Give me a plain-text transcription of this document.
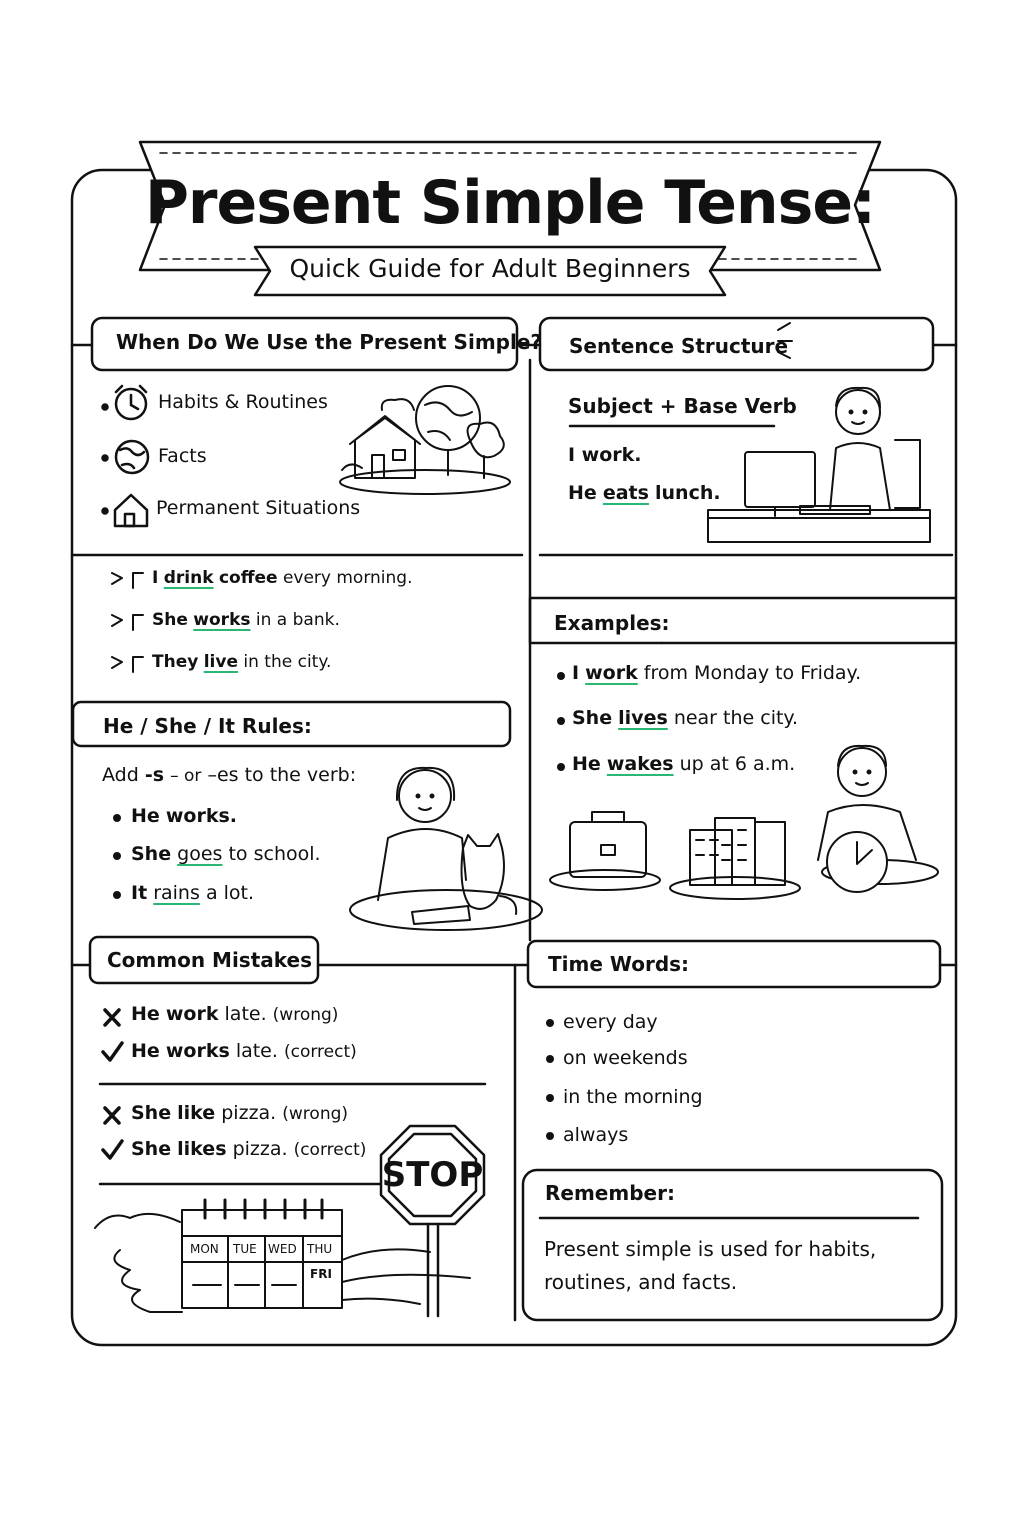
Present Simple Tense:
Quick Guide for Adult Beginners
When Do We Use the Present Simple?
Habits & Routines
Facts
Permanent Situations
I drink coffee every morning.
She works in a bank.
They live in the city.
Sentence Structure
Subject + Base Verb
I work.
He eats lunch.
Examples:
I work from Monday to Friday.
She lives near the city.
He wakes up at 6 a.m.
He / She / It Rules:
Add -s – or –es to the verb:
He works.
She goes to school.
It rains a lot.
Common Mistakes
He work late. (wrong)
He works late. (correct)
She like pizza. (wrong)
She likes pizza. (correct)
MON TUE WED THU
FRI
STOP
Time Words:
every day
on weekends
in the morning
always
Remember:
Present simple is used for habits,
routines, and facts.
